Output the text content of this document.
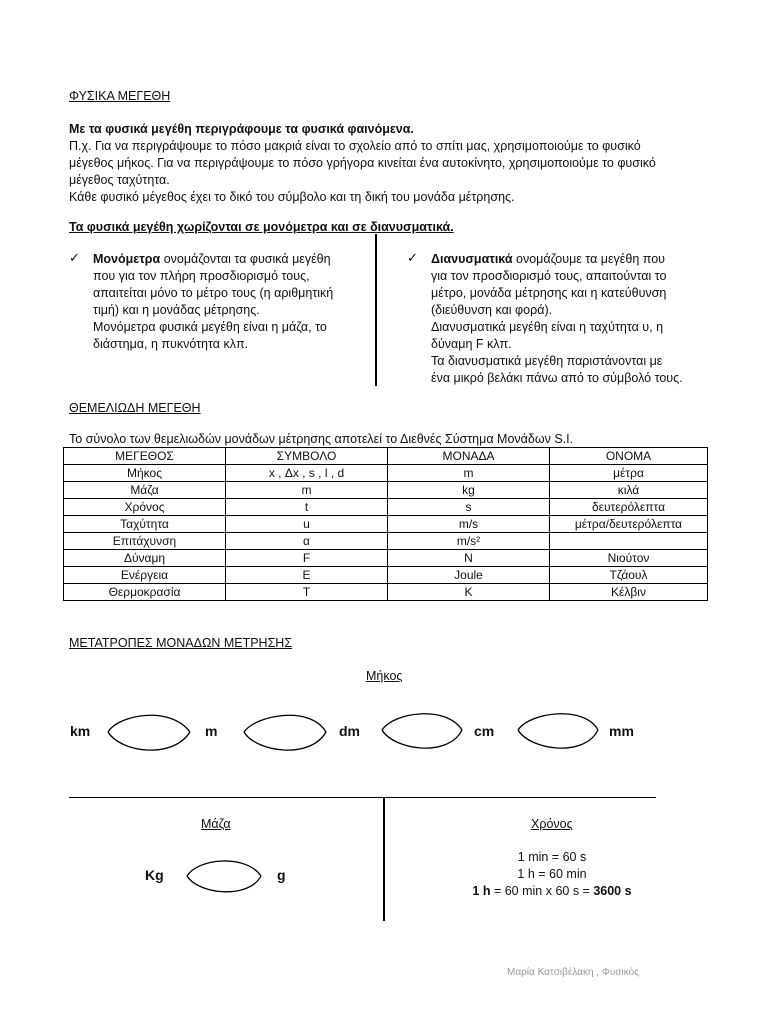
ΦΥΣΙΚΑ ΜΕΓΕΘΗ
Με τα φυσικά μεγέθη περιγράφουμε τα φυσικά φαινόμενα.
Π.χ. Για να περιγράψουμε το πόσο μακριά είναι το σχολείο από το σπίτι μας, χρησιμοποιούμε το φυσικό
μέγεθος μήκος. Για να περιγράψουμε το πόσο γρήγορα κινείται ένα αυτοκίνητο, χρησιμοποιούμε το φυσικό
μέγεθος ταχύτητα.
Κάθε φυσικό μέγεθος έχει το δικό του σύμβολο και τη δική του μονάδα μέτρησης.
Τα φυσικά μεγέθη χωρίζονται σε μονόμετρα και σε διανυσματικά.
✓ Μονόμετρα ονομάζονται τα φυσικά μεγέθη
που για τον πλήρη προσδιορισμό τους,
απαιτείται μόνο το μέτρο τους (η αριθμητική
τιμή) και η μονάδας μέτρησης.
Μονόμετρα φυσικά μεγέθη είναι η μάζα, το
διάστημα, η πυκνότητα κλπ.
✓ Διανυσματικά ονομάζουμε τα μεγέθη που
για τον προσδιορισμό τους, απαιτούνται το
μέτρο, μονάδα μέτρησης και η κατεύθυνση
(διεύθυνση και φορά).
Διανυσματικά μεγέθη είναι η ταχύτητα υ, η
δύναμη F κλπ.
Τα διανυσματικά μεγέθη παριστάνονται με
ένα μικρό βελάκι πάνω από το σύμβολό τους.
ΘΕΜΕΛΙΩΔΗ ΜΕΓΕΘΗ
Το σύνολο των θεμελιωδών μονάδων μέτρησης αποτελεί το Διεθνές Σύστημα Μονάδων S.I.
ΜΕΓΕΘΟΣ	ΣΥΜΒΟΛΟ	ΜΟΝΑΔΑ	ΟΝΟΜΑ
Μήκος	x , Δx , s , l , d	m	μέτρα
Μάζα	m	kg	κιλά
Χρόνος	t	s	δευτερόλεπτα
Ταχύτητα	u	m/s	μέτρα/δευτερόλεπτα
Επιτάχυνση	α	m/s²	
Δύναμη	F	N	Νιούτον
Ενέργεια	E	Joule	Τζάουλ
Θερμοκρασία	T	K	Κέλβιν
ΜΕΤΑΤΡΟΠΕΣ ΜΟΝΑΔΩΝ ΜΕΤΡΗΣΗΣ
Μήκος
km	m	dm	cm	mm
Μάζα
Kg	g
Χρόνος
1 min = 60 s
1 h = 60 min
1 h = 60 min x 60 s = 3600 s
Μαρία Κατσιβέλακη , Φυσικός
